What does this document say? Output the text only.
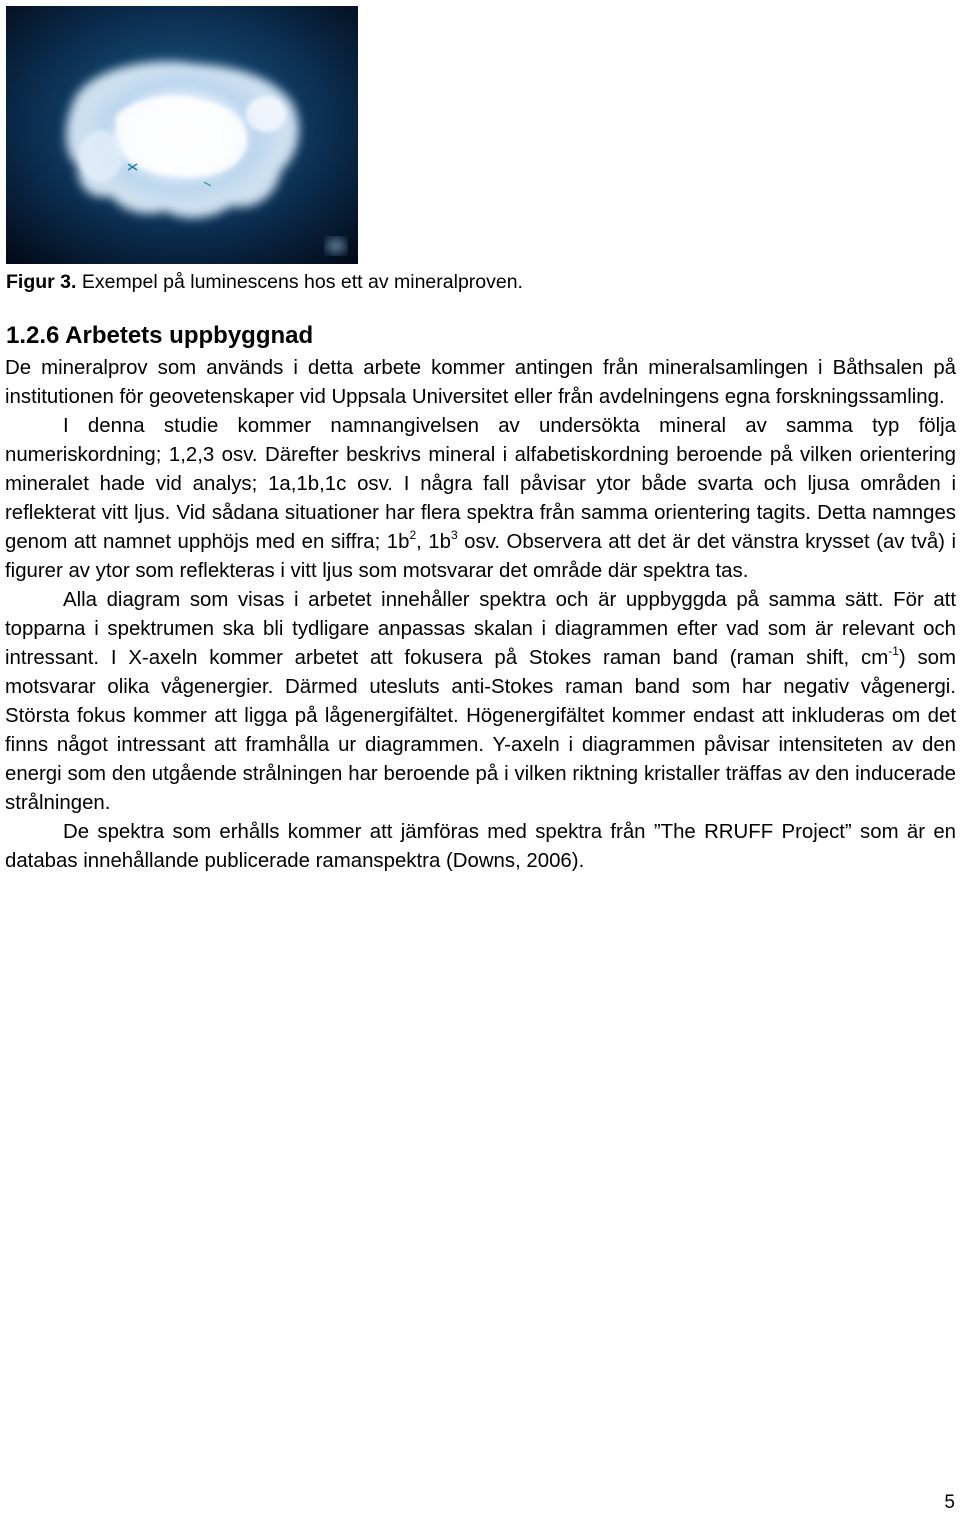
Figur 3. Exempel på luminescens hos ett av mineralproven.
1.2.6 Arbetets uppbyggnad

De mineralprov som används i detta arbete kommer antingen från mineralsamlingen i Båthsalen på institutionen för geovetenskaper vid Uppsala Universitet eller från avdelningens egna forskningssamling.

I denna studie kommer namnangivelsen av undersökta mineral av samma typ följa numeriskordning; 1,2,3 osv. Därefter beskrivs mineral i alfabetiskordning beroende på vilken orientering mineralet hade vid analys; 1a,1b,1c osv. I några fall påvisar ytor både svarta och ljusa områden i reflekterat vitt ljus. Vid sådana situationer har flera spektra från samma orientering tagits. Detta namnges genom att namnet upphöjs med en siffra; $1b^2$, $1b^3$ osv. Observera att det är det vänstra krysset (av två) i figurer av ytor som reflekteras i vitt ljus som motsvarar det område där spektra tas.

Alla diagram som visas i arbetet innehåller spektra och är uppbyggda på samma sätt. För att topparna i spektrumen ska bli tydligare anpassas skalan i diagrammen efter vad som är relevant och intressant. I X-axeln kommer arbetet att fokusera på Stokes raman band (raman shift, $cm^{-1}$) som motsvarar olika vågenergier. Därmed utesluts anti-Stokes raman band som har negativ vågenergi. Största fokus kommer att ligga på lågenergifältet. Högenergifältet kommer endast att inkluderas om det finns något intressant att framhålla ur diagrammen. Y-axeln i diagrammen påvisar intensiteten av den energi som den utgående strålningen har beroende på i vilken riktning kristaller träffas av den inducerade strålningen.

De spektra som erhålls kommer att jämföras med spektra från ”The RRUFF Project” som är en databas innehållande publicerade ramanspektra (Downs, 2006).

5
